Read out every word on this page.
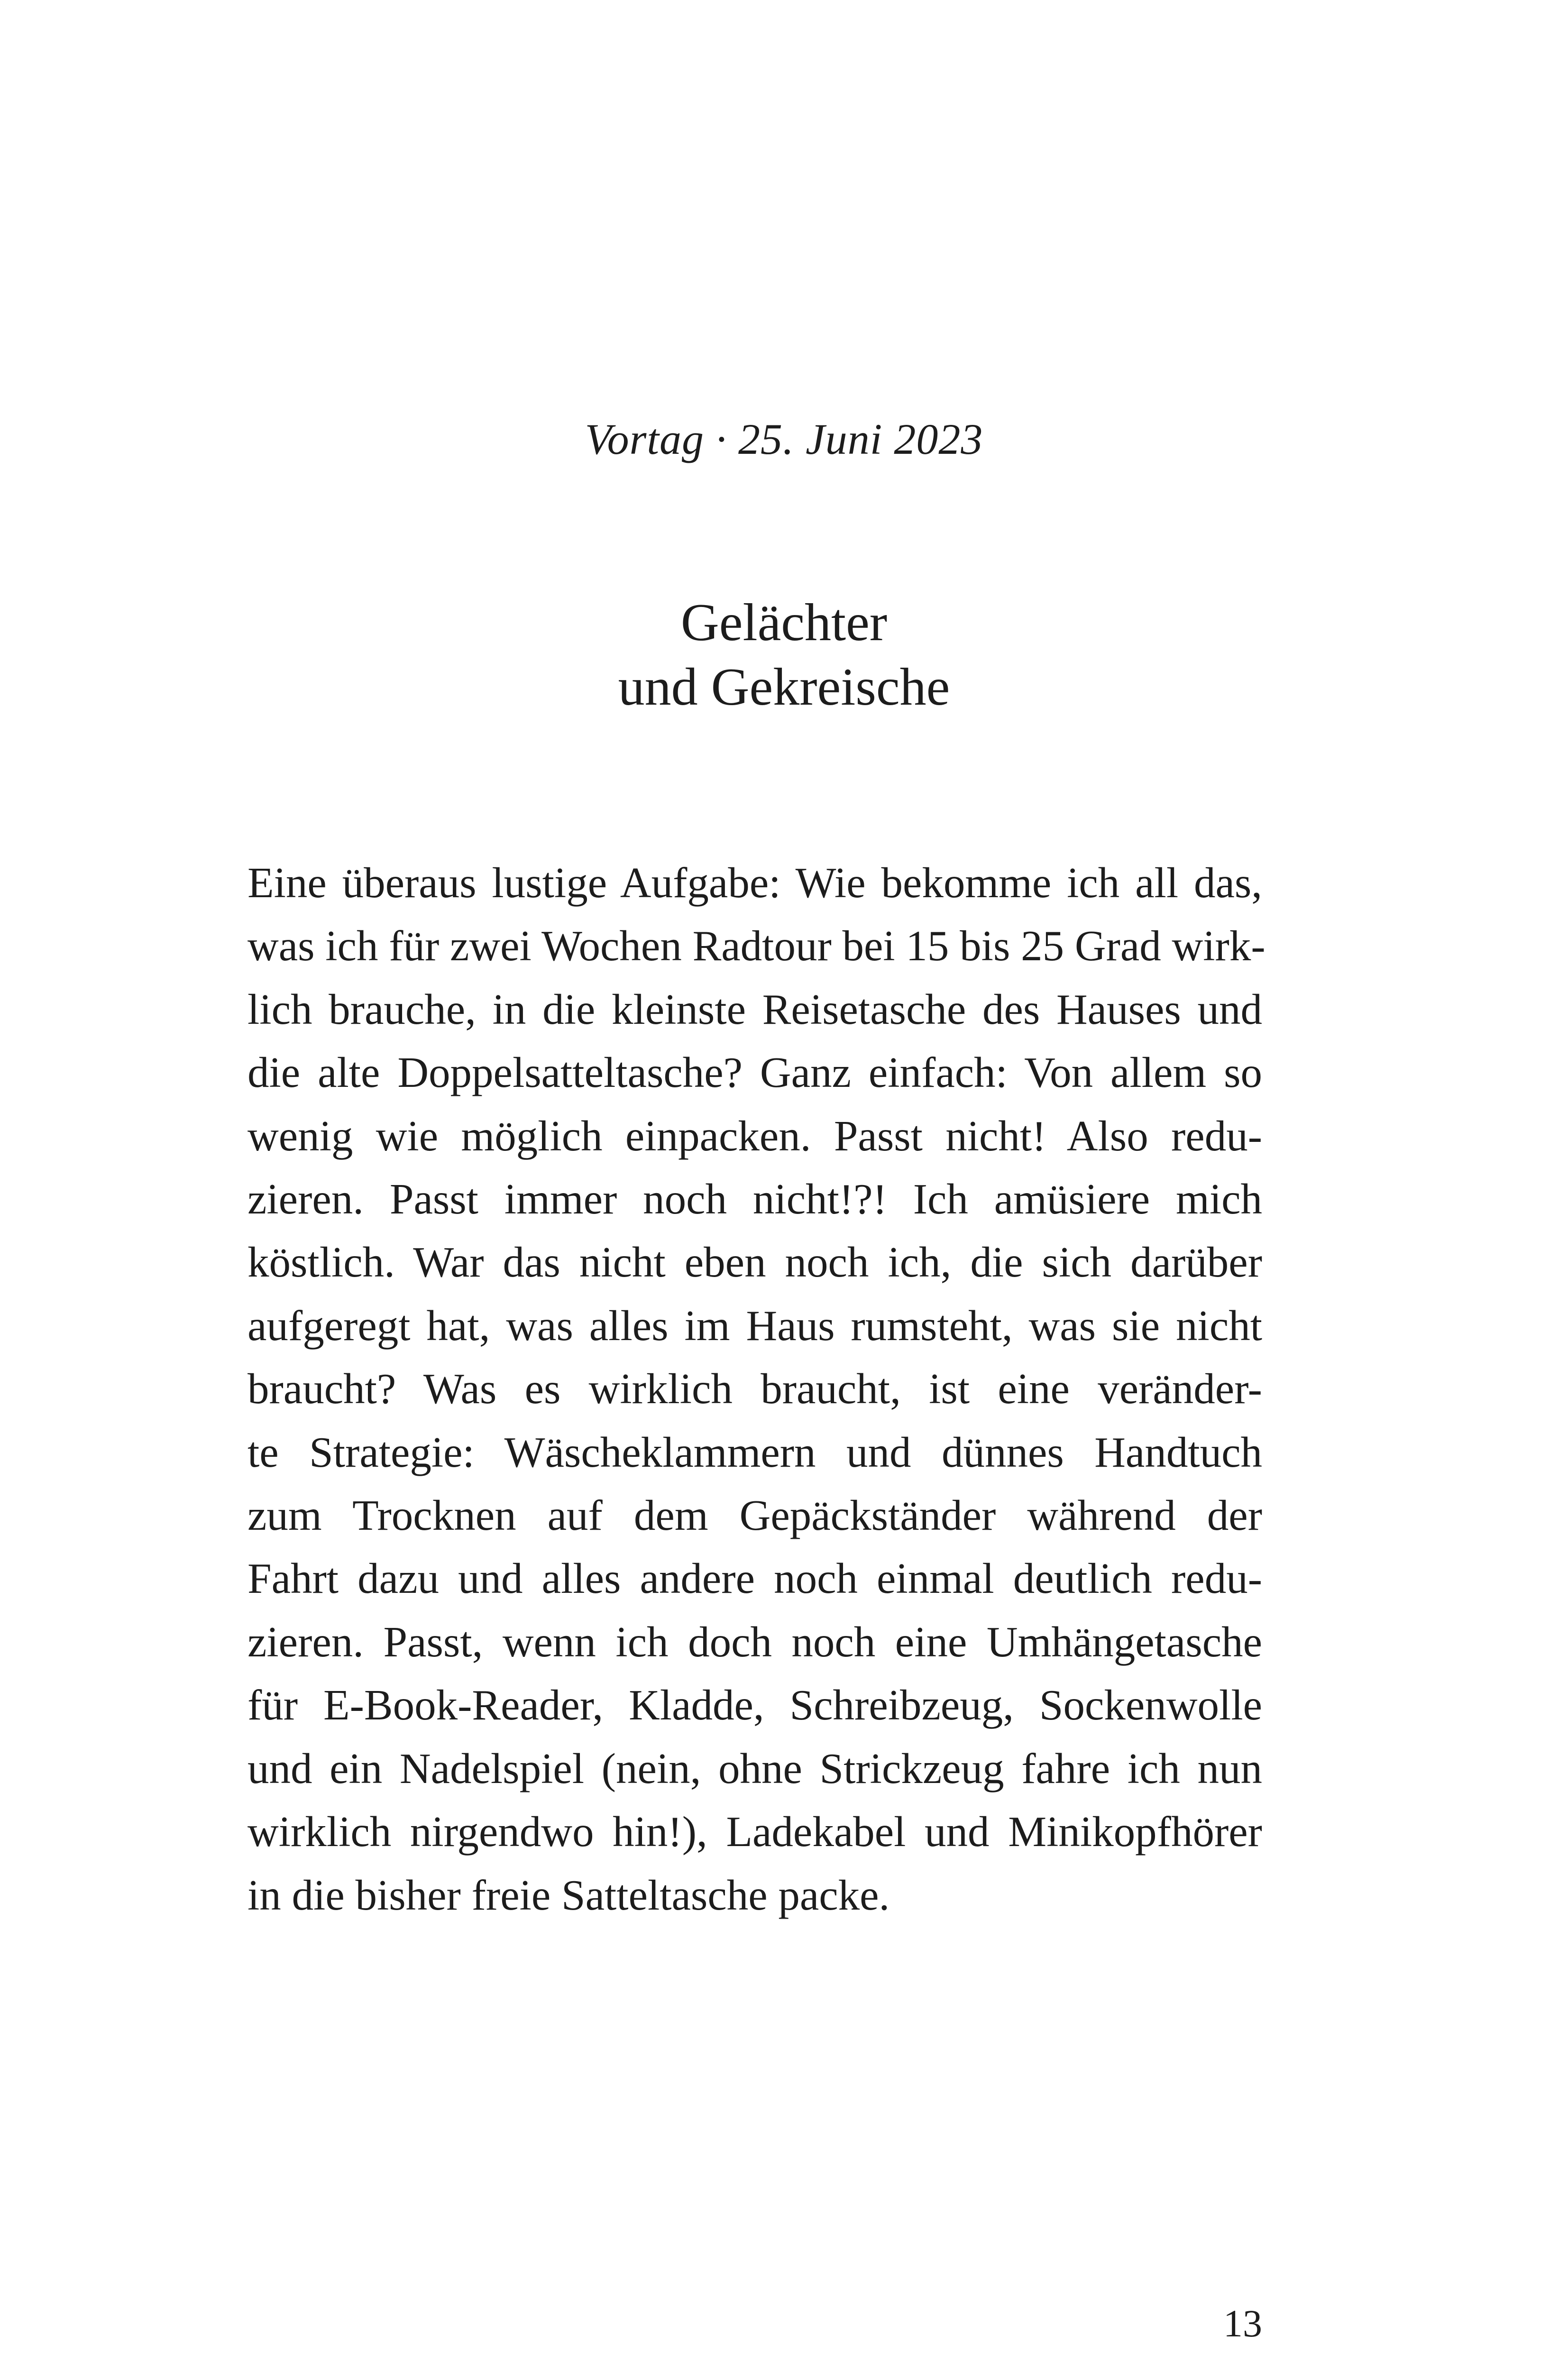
Vortag · 25. Juni 2023
Gelächter
und Gekreische
Eine überaus lustige Aufgabe: Wie bekomme ich all das,
was ich für zwei Wochen Radtour bei 15 bis 25 Grad wirk-
lich brauche, in die kleinste Reisetasche des Hauses und
die alte Doppelsatteltasche? Ganz einfach: Von allem so
wenig wie möglich einpacken. Passt nicht! Also redu-
zieren. Passt immer noch nicht!?! Ich amüsiere mich
köstlich. War das nicht eben noch ich, die sich darüber
aufgeregt hat, was alles im Haus rumsteht, was sie nicht
braucht? Was es wirklich braucht, ist eine veränder-
te Strategie: Wäscheklammern und dünnes Handtuch
zum Trocknen auf dem Gepäckständer während der
Fahrt dazu und alles andere noch einmal deutlich redu-
zieren. Passt, wenn ich doch noch eine Umhängetasche
für E-Book-Reader, Kladde, Schreibzeug, Sockenwolle
und ein Nadelspiel (nein, ohne Strickzeug fahre ich nun
wirklich nirgendwo hin!), Ladekabel und Minikopfhörer
in die bisher freie Satteltasche packe.
13
